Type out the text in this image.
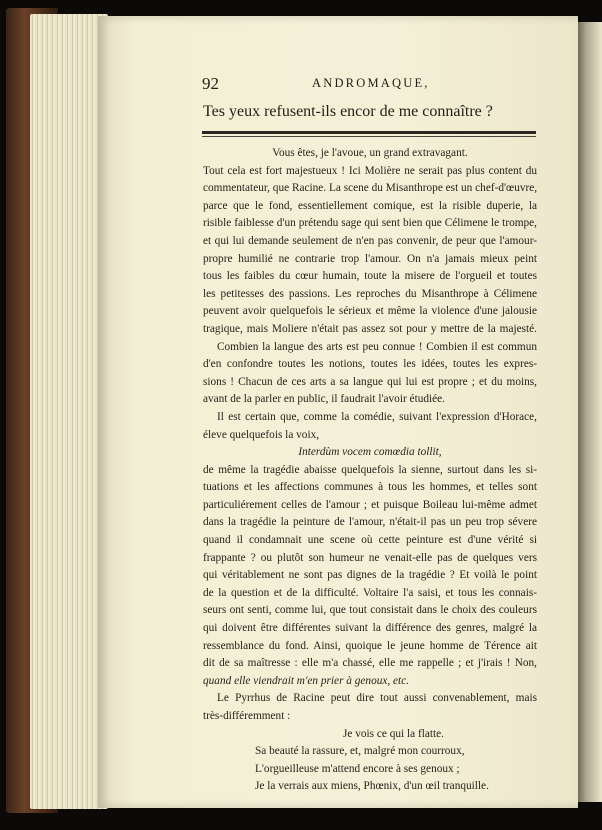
92	ANDROMAQUE,
Tes yeux refusent-ils encor de me connaître ?
Vous êtes, je l'avoue, un grand extravagant.
Tout cela est fort majestueux ! Ici Molière ne serait pas plus content du
commentateur, que Racine. La scene du Misanthrope est un chef-d'œuvre,
parce que le fond, essentiellement comique, est la risible duperie, la
risible faiblesse d'un prétendu sage qui sent bien que Célimene le trompe,
et qui lui demande seulement de n'en pas convenir, de peur que l'amour-
propre humilié ne contrarie trop l'amour. On n'a jamais mieux peint
tous les faibles du cœur humain, toute la misere de l'orgueil et toutes
les petitesses des passions. Les reproches du Misanthrope à Célimene
peuvent avoir quelquefois le sérieux et même la violence d'une jalousie
tragique, mais Moliere n'était pas assez sot pour y mettre de la majesté.
Combien la langue des arts est peu connue ! Combien il est commun
d'en confondre toutes les notions, toutes les idées, toutes les expres-
sions ! Chacun de ces arts a sa langue qui lui est propre ; et du moins,
avant de la parler en public, il faudrait l'avoir étudiée.
Il est certain que, comme la comédie, suivant l'expression d'Horace,
éleve quelquefois la voix,
Interdùm vocem comœdia tollit,
de même la tragédie abaisse quelquefois la sienne, surtout dans les si-
tuations et les affections communes à tous les hommes, et telles sont
particuliérement celles de l'amour ; et puisque Boileau lui-même admet
dans la tragédie la peinture de l'amour, n'était-il pas un peu trop sévere
quand il condamnait une scene où cette peinture est d'une vérité si
frappante ? ou plutôt son humeur ne venait-elle pas de quelques vers
qui véritablement ne sont pas dignes de la tragédie ? Et voilà le point
de la question et de la difficulté. Voltaire l'a saisi, et tous les connais-
seurs ont senti, comme lui, que tout consistait dans le choix des couleurs
qui doivent être différentes suivant la différence des genres, malgré la
ressemblance du fond. Ainsi, quoique le jeune homme de Térence ait
dit de sa maîtresse : elle m'a chassé, elle me rappelle ; et j'irais ! Non,
quand elle viendrait m'en prier à genoux, etc.
Le Pyrrhus de Racine peut dire tout aussi convenablement, mais
très-différemment :
Je vois ce qui la flatte.
Sa beauté la rassure, et, malgré mon courroux,
L'orgueilleuse m'attend encore à ses genoux ;
Je la verrais aux miens, Phœnix, d'un œil tranquille.
